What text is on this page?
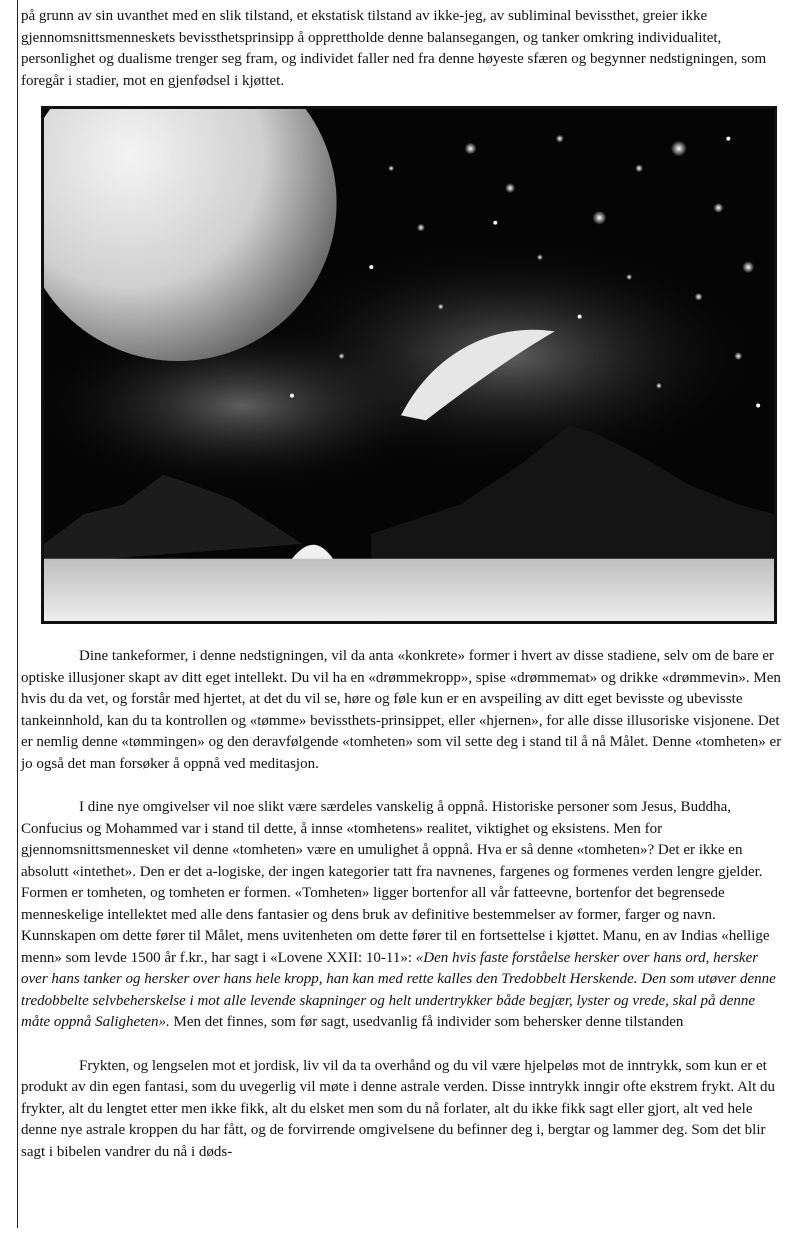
på grunn av sin uvanthet med en slik tilstand, et ekstatisk tilstand av ikke-jeg, av subliminal bevissthet, greier ikke gjennomsnittsmenneskets bevissthetsprinsipp å opprettholde denne balansegangen, og tanker omkring individualitet, personlighet og dualisme trenger seg fram, og individet faller ned fra denne høyeste sfæren og begynner nedstigningen, som foregår i stadier, mot en gjenfødsel i kjøttet.

Dine tankeformer, i denne nedstigningen, vil da anta «konkrete» former i hvert av disse stadiene, selv om de bare er optiske illusjoner skapt av ditt eget intellekt. Du vil ha en «drømmekropp», spise «drømmemat» og drikke «drømmevin». Men hvis du da vet, og forstår med hjertet, at det du vil se, høre og føle kun er en avspeiling av ditt eget bevisste og ubevisste tankeinnhold, kan du ta kontrollen og «tømme» bevissthets-prinsippet, eller «hjernen», for alle disse illusoriske visjonene. Det er nemlig denne «tømmingen» og den deravfølgende «tomheten» som vil sette deg i stand til å nå Målet. Denne «tomheten» er jo også det man forsøker å oppnå ved meditasjon.

I dine nye omgivelser vil noe slikt være særdeles vanskelig å oppnå. Historiske personer som Jesus, Buddha, Confucius og Mohammed var i stand til dette, å innse «tomhetens» realitet, viktighet og eksistens. Men for gjennomsnittsmennesket vil denne «tomheten» være en umulighet å oppnå. Hva er så denne «tomheten»? Det er ikke en absolutt «intethet». Den er det a-logiske, der ingen kategorier tatt fra navnenes, fargenes og formenes verden lengre gjelder. Formen er tomheten, og tomheten er formen. «Tomheten» ligger bortenfor all vår fatteevne, bortenfor det begrensede menneskelige intellektet med alle dens fantasier og dens bruk av definitive bestemmelser av former, farger og navn. Kunnskapen om dette fører til Målet, mens uvitenheten om dette fører til en fortsettelse i kjøttet. Manu, en av Indias «hellige menn» som levde 1500 år f.kr., har sagt i «Lovene XXII: 10-11»: «Den hvis faste forståelse hersker over hans ord, hersker over hans tanker og hersker over hans hele kropp, han kan med rette kalles den Tredobbelt Herskende. Den som utøver denne tredobbelte selvbeherskelse i mot alle levende skapninger og helt undertrykker både begjær, lyster og vrede, skal på denne måte oppnå Saligheten». Men det finnes, som før sagt, usedvanlig få individer som behersker denne tilstanden

Frykten, og lengselen mot et jordisk, liv vil da ta overhånd og du vil være hjelpeløs mot de inntrykk, som kun er et produkt av din egen fantasi, som du uvegerlig vil møte i denne astrale verden. Disse inntrykk inngir ofte ekstrem frykt. Alt du frykter, alt du lengtet etter men ikke fikk, alt du elsket men som du nå forlater, alt du ikke fikk sagt eller gjort, alt ved hele denne nye astrale kroppen du har fått, og de forvirrende omgivelsene du befinner deg i, bergtar og lammer deg. Som det blir sagt i bibelen vandrer du nå i døds-
